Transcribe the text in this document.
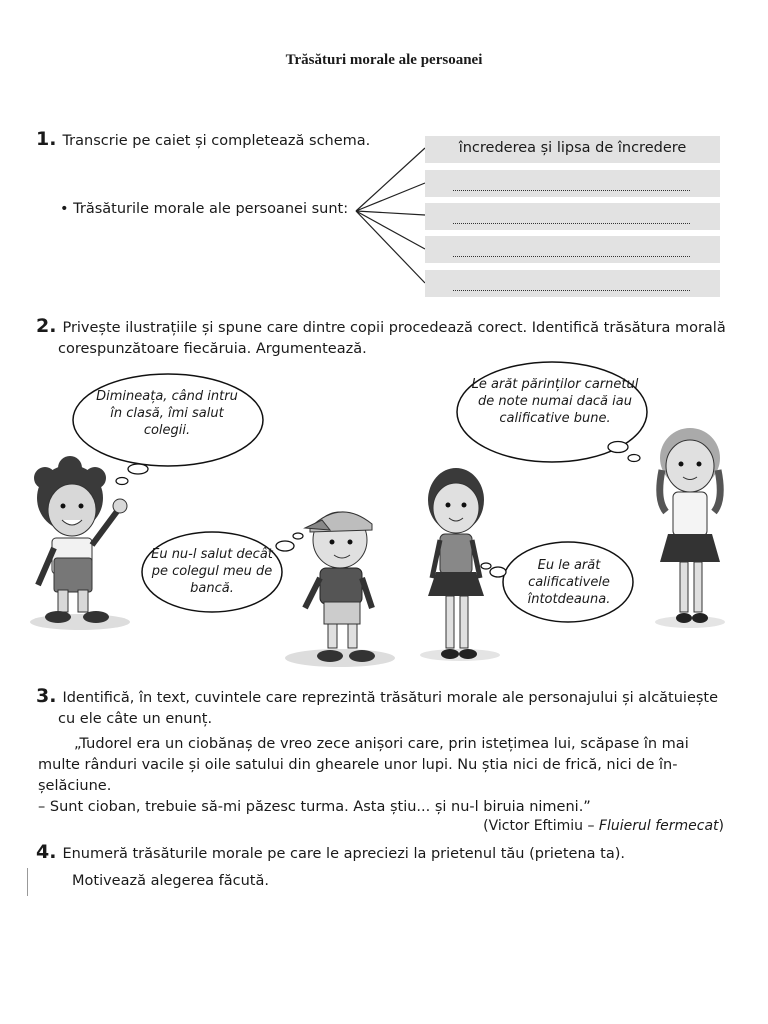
Trăsături morale ale persoanei
1. Transcrie pe caiet și completează schema.
• Trăsăturile morale ale persoanei sunt:
încrederea și lipsa de încredere
2. Privește ilustrațiile și spune care dintre copii procedează corect. Identifică trăsătura morală
corespunzătoare fiecăruia. Argumentează.
Dimineața, când intru în clasă, îmi salut colegii.
Eu nu-l salut decât pe colegul meu de bancă.
Le arăt părinților carnetul de note numai dacă iau calificative bune.
Eu le arăt calificativele întotdeauna.
3. Identifică, în text, cuvintele care reprezintă trăsături morale ale personajului și alcătuiește
cu ele câte un enunț.
„Tudorel era un ciobănaș de vreo zece anișori care, prin istețimea lui, scăpase în mai
multe rânduri vacile și oile satului din ghearele unor lupi. Nu știa nici de frică, nici de în-
șelăciune.
– Sunt cioban, trebuie să-mi păzesc turma. Asta știu... și nu-l biruia nimeni.”
(Victor Eftimiu – Fluierul fermecat)
4. Enumeră trăsăturile morale pe care le apreciezi la prietenul tău (prietena ta).
Motivează alegerea făcută.
